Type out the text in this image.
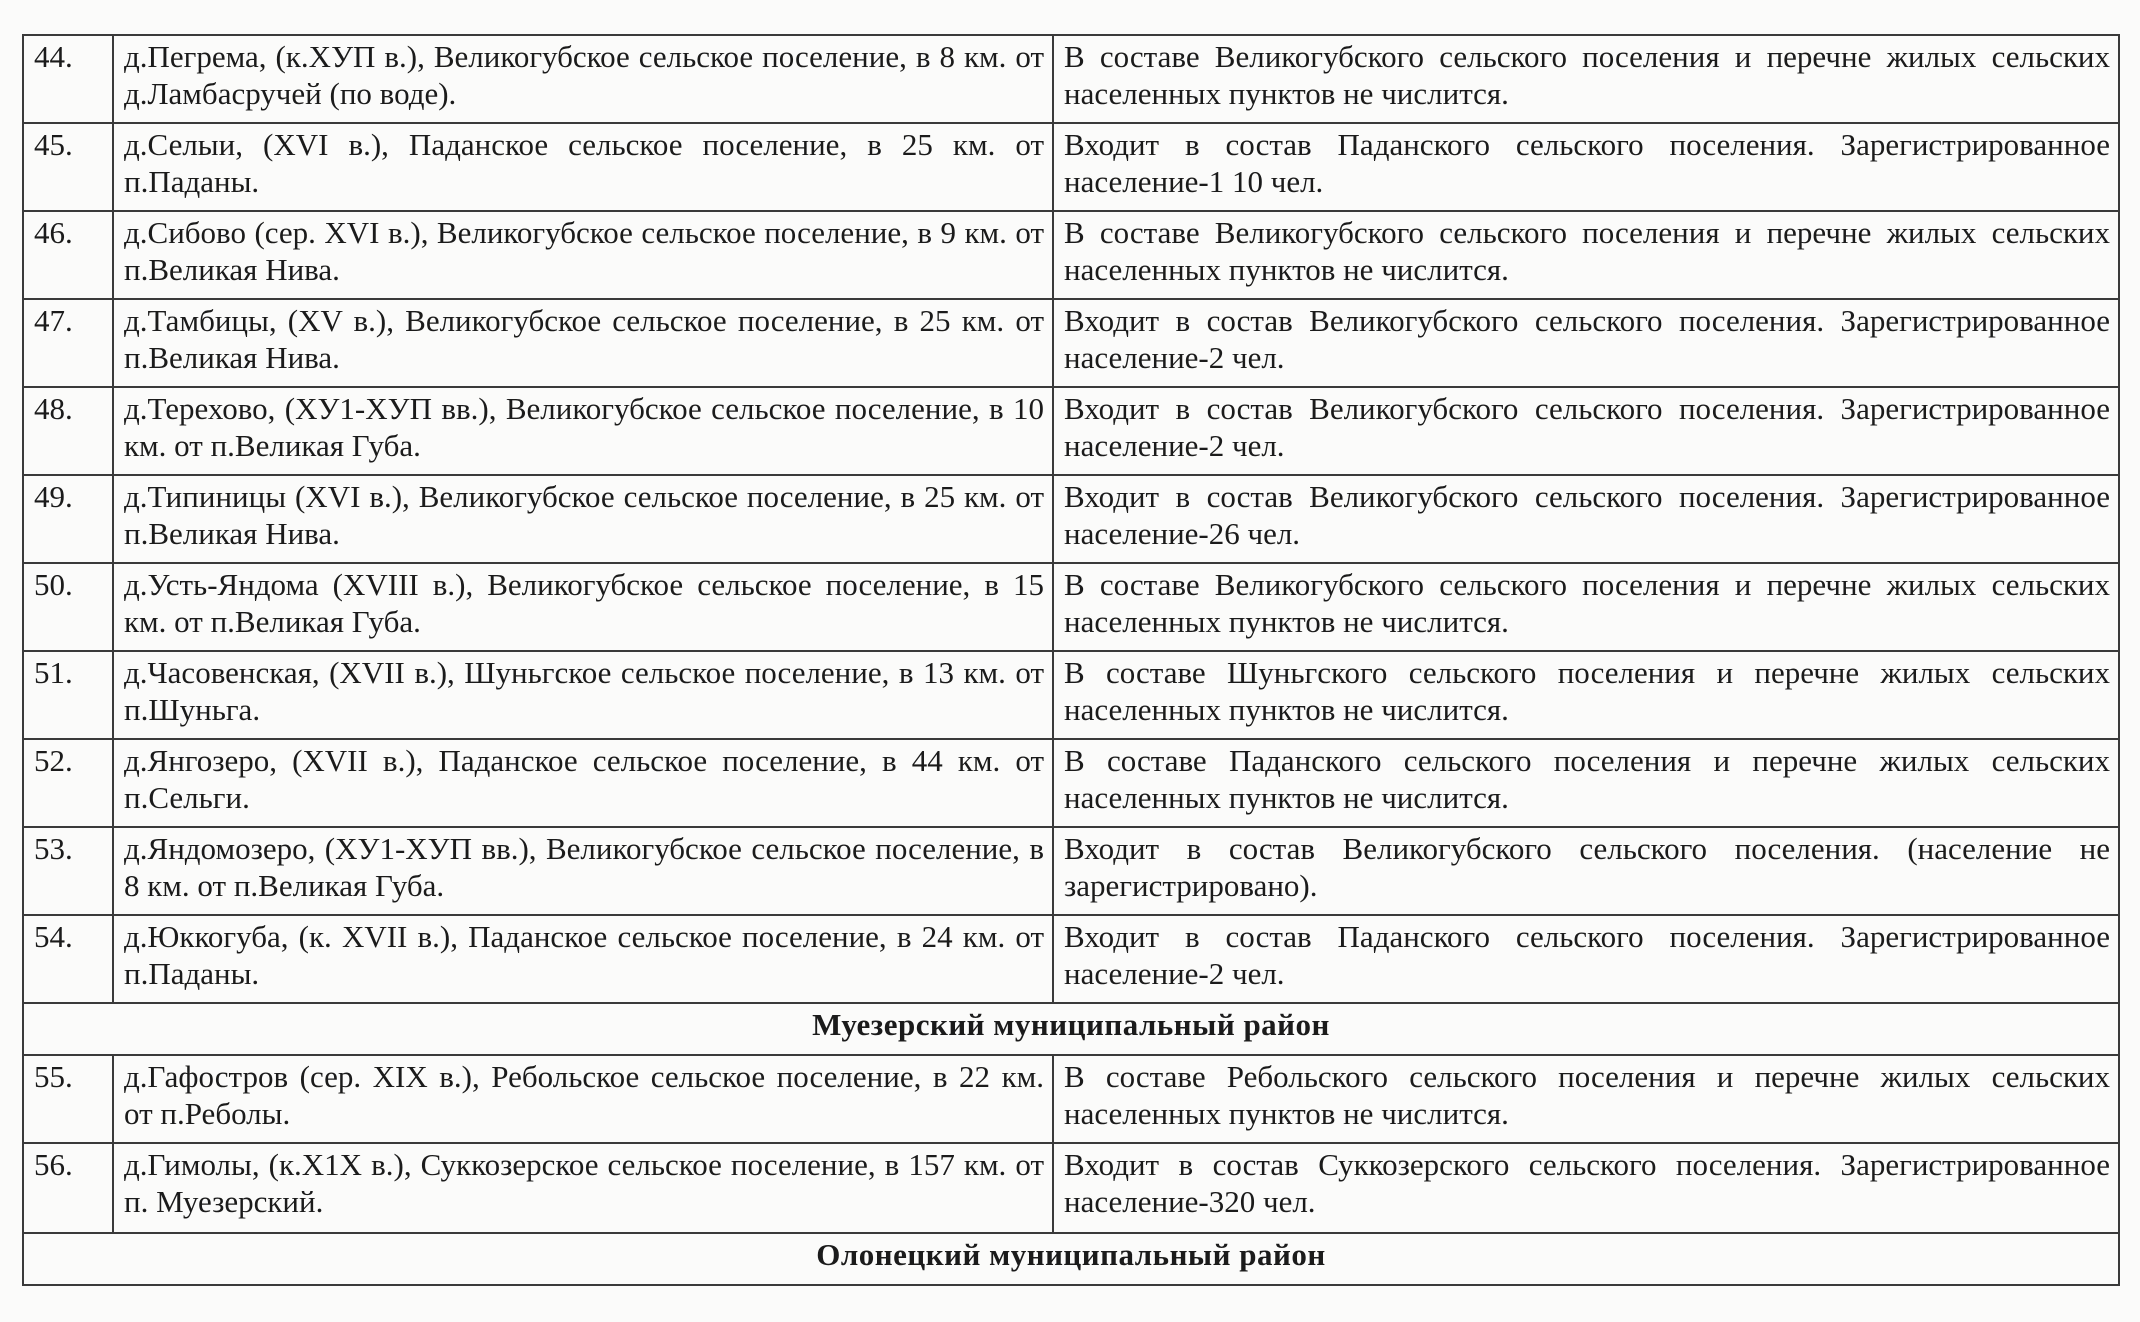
44.	д.Пегрема, (к.ХУП в.), Великогубское сельское поселение, в 8 км. от д.Ламбасручей (по воде).	В составе Великогубского сельского поселения и перечне жилых сельских населенных пунктов не числится.
45.	д.Селыи, (XVI в.), Паданское сельское поселение, в 25 км. от п.Паданы.	Входит в состав Паданского сельского поселения. Зарегистрированное население-1 10 чел.
46.	д.Сибово (сер. XVI в.), Великогубское сельское поселение, в 9 км. от п.Великая Нива.	В составе Великогубского сельского поселения и перечне жилых сельских населенных пунктов не числится.
47.	д.Тамбицы, (XV в.), Великогубское сельское поселение, в 25 км. от п.Великая Нива.	Входит в состав Великогубского сельского поселения. Зарегистрированное население-2 чел.
48.	д.Терехово, (ХУ1-ХУП вв.), Великогубское сельское поселение, в 10 км. от п.Великая Губа.	Входит в состав Великогубского сельского поселения. Зарегистрированное население-2 чел.
49.	д.Типиницы (XVI в.), Великогубское сельское поселение, в 25 км. от п.Великая Нива.	Входит в состав Великогубского сельского поселения. Зарегистрированное население-26 чел.
50.	д.Усть-Яндома (XVIII в.), Великогубское сельское поселение, в 15 км. от п.Великая Губа.	В составе Великогубского сельского поселения и перечне жилых сельских населенных пунктов не числится.
51.	д.Часовенская, (XVII в.), Шуньгское сельское поселение, в 13 км. от п.Шуньга.	В составе Шуньгского сельского поселения и перечне жилых сельских населенных пунктов не числится.
52.	д.Янгозеро, (XVII в.), Паданское сельское поселение, в 44 км. от п.Сельги.	В составе Паданского сельского поселения и перечне жилых сельских населенных пунктов не числится.
53.	д.Яндомозеро, (ХУ1-ХУП вв.), Великогубское сельское поселение, в 8 км. от п.Великая Губа.	Входит в состав Великогубского сельского поселения. (население не зарегистрировано).
54.	д.Юккогуба, (к. XVII в.), Паданское сельское поселение, в 24 км. от п.Паданы.	Входит в состав Паданского сельского поселения. Зарегистрированное население-2 чел.
Муезерский муниципальный район		
55.	д.Гафостров (сер. XIX в.), Ребольское сельское поселение, в 22 км. от п.Реболы.	В составе Ребольского сельского поселения и перечне жилых сельских населенных пунктов не числится.
56.	д.Гимолы, (к.Х1Х в.), Суккозерское сельское поселение, в 157 км. от п. Муезерский.	Входит в состав Суккозерского сельского поселения. Зарегистрированное население-320 чел.
Олонецкий муниципальный район		
